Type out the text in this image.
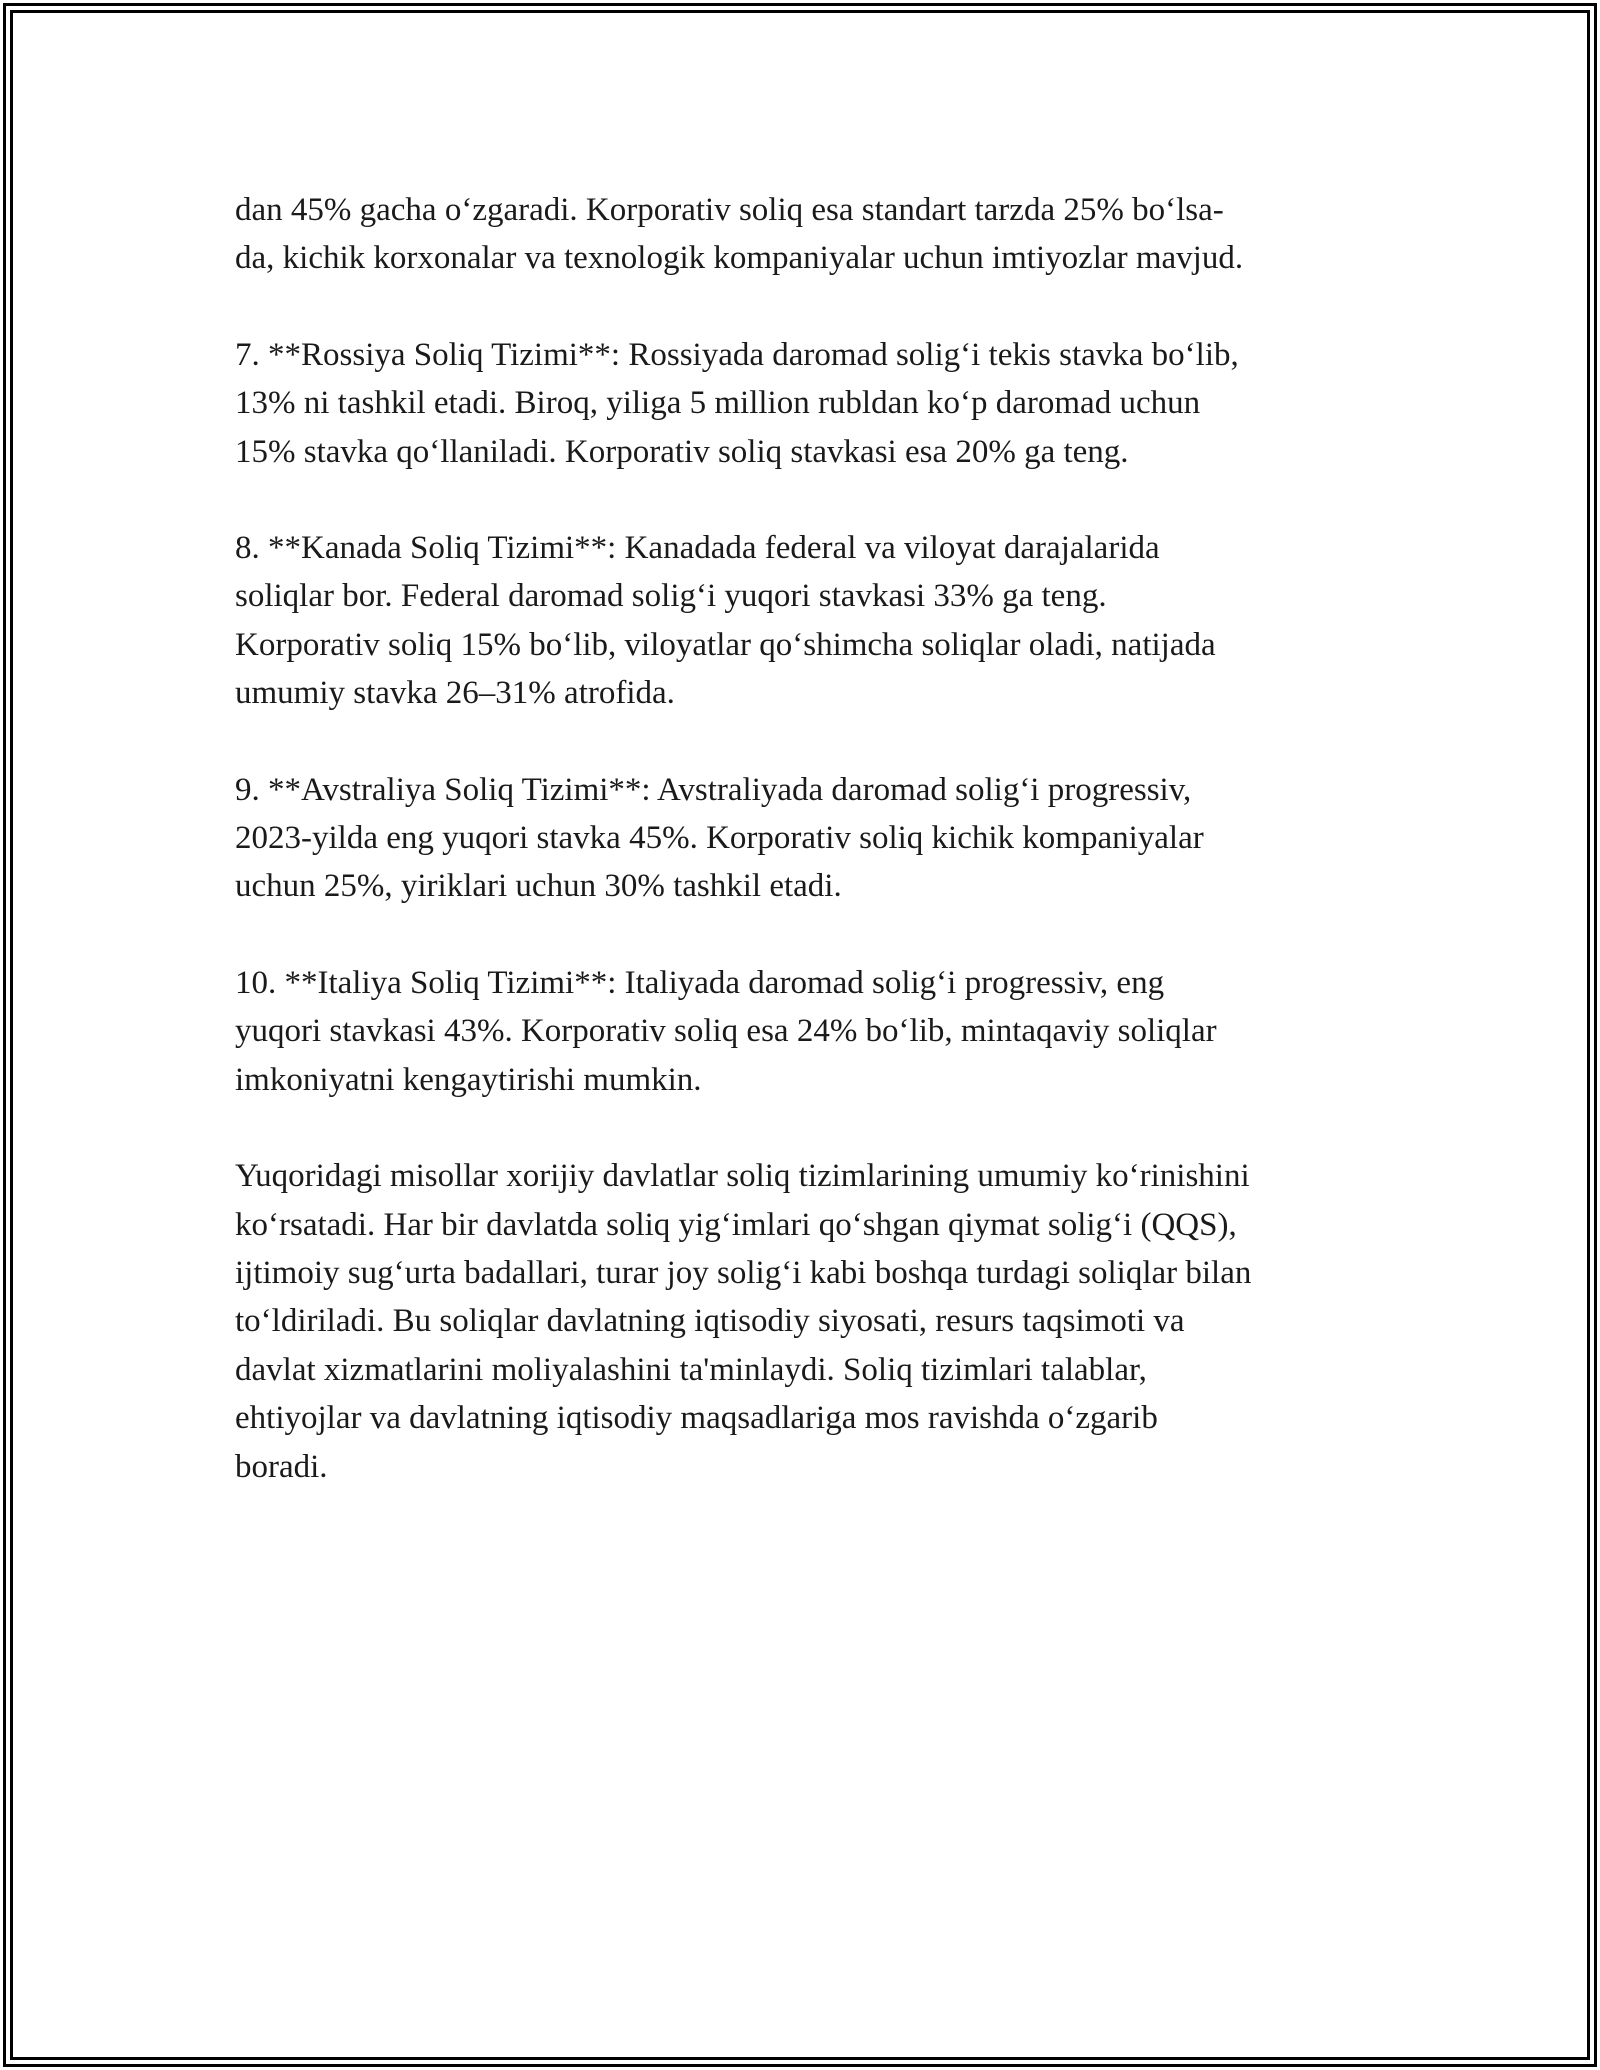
dan 45% gacha o‘zgaradi. Korporativ soliq esa standart tarzda 25% bo‘lsa-
da, kichik korxonalar va texnologik kompaniyalar uchun imtiyozlar mavjud.

7. **Rossiya Soliq Tizimi**: Rossiyada daromad solig‘i tekis stavka bo‘lib,
13% ni tashkil etadi. Biroq, yiliga 5 million rubldan ko‘p daromad uchun
15% stavka qo‘llaniladi. Korporativ soliq stavkasi esa 20% ga teng.

8. **Kanada Soliq Tizimi**: Kanadada federal va viloyat darajalarida
soliqlar bor. Federal daromad solig‘i yuqori stavkasi 33% ga teng.
Korporativ soliq 15% bo‘lib, viloyatlar qo‘shimcha soliqlar oladi, natijada
umumiy stavka 26–31% atrofida.

9. **Avstraliya Soliq Tizimi**: Avstraliyada daromad solig‘i progressiv,
2023-yilda eng yuqori stavka 45%. Korporativ soliq kichik kompaniyalar
uchun 25%, yiriklari uchun 30% tashkil etadi.

10. **Italiya Soliq Tizimi**: Italiyada daromad solig‘i progressiv, eng
yuqori stavkasi 43%. Korporativ soliq esa 24% bo‘lib, mintaqaviy soliqlar
imkoniyatni kengaytirishi mumkin.

Yuqoridagi misollar xorijiy davlatlar soliq tizimlarining umumiy ko‘rinishini
ko‘rsatadi. Har bir davlatda soliq yig‘imlari qo‘shgan qiymat solig‘i (QQS),
ijtimoiy sug‘urta badallari, turar joy solig‘i kabi boshqa turdagi soliqlar bilan
to‘ldiriladi. Bu soliqlar davlatning iqtisodiy siyosati, resurs taqsimoti va
davlat xizmatlarini moliyalashini ta'minlaydi. Soliq tizimlari talablar,
ehtiyojlar va davlatning iqtisodiy maqsadlariga mos ravishda o‘zgarib
boradi.
